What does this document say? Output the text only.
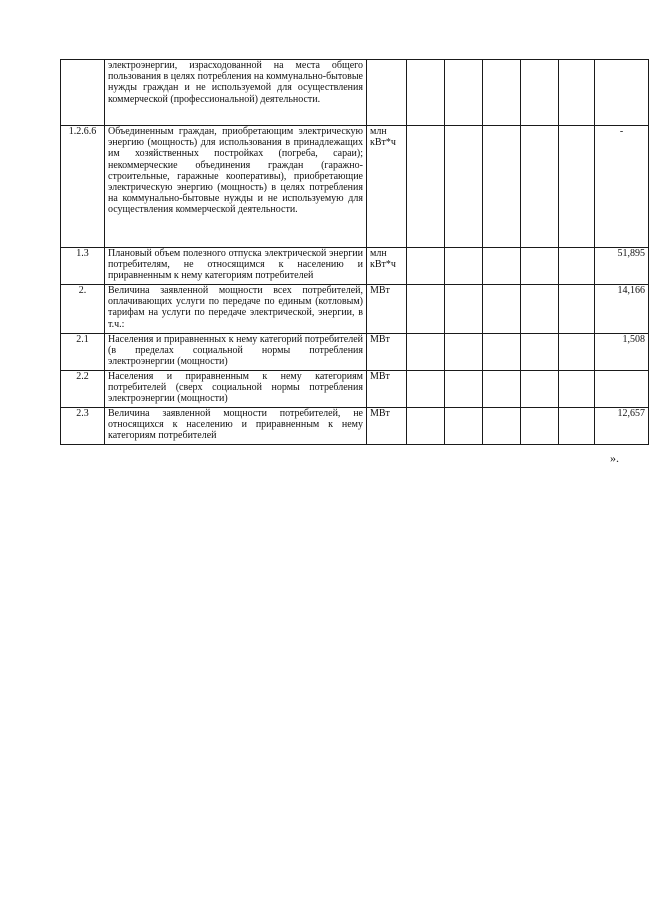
	электроэнергии, израсходованной на места общего пользования в целях потребления на коммунально-бытовые нужды граждан и не используемой для осуществления коммерческой (профессиональной) деятельности.							
1.2.6.6	Объединенным граждан, приобретающим электрическую энергию (мощность) для использования в принадлежащих им хозяйственных постройках (погреба, сараи); некоммерческие объединения граждан (гаражно-строительные, гаражные кооперативы), приобретающие электрическую энергию (мощность) в целях потребления на коммунально-бытовые нужды и не используемую для осуществления коммерческой деятельности.	млн кВт*ч						-
1.3	Плановый объем полезного отпуска электрической энергии потребителям, не относящимся к населению и приравненным к нему категориям потребителей	млн кВт*ч						51,895
2.	Величина заявленной мощности всех потребителей, оплачивающих услуги по передаче по единым (котловым) тарифам на услуги по передаче электрической, энергии, в т.ч.:	МВт						14,166
2.1	Населения и приравненных к нему категорий потребителей (в пределах социальной нормы потребления электроэнергии (мощности)	МВт						1,508
2.2	Населения и приравненным к нему категориям потребителей (сверх социальной нормы потребления электроэнергии (мощности)	МВт						
2.3	Величина заявленной мощности потребителей, не относящихся к населению и приравненным к нему категориям потребителей	МВт						12,657
».
